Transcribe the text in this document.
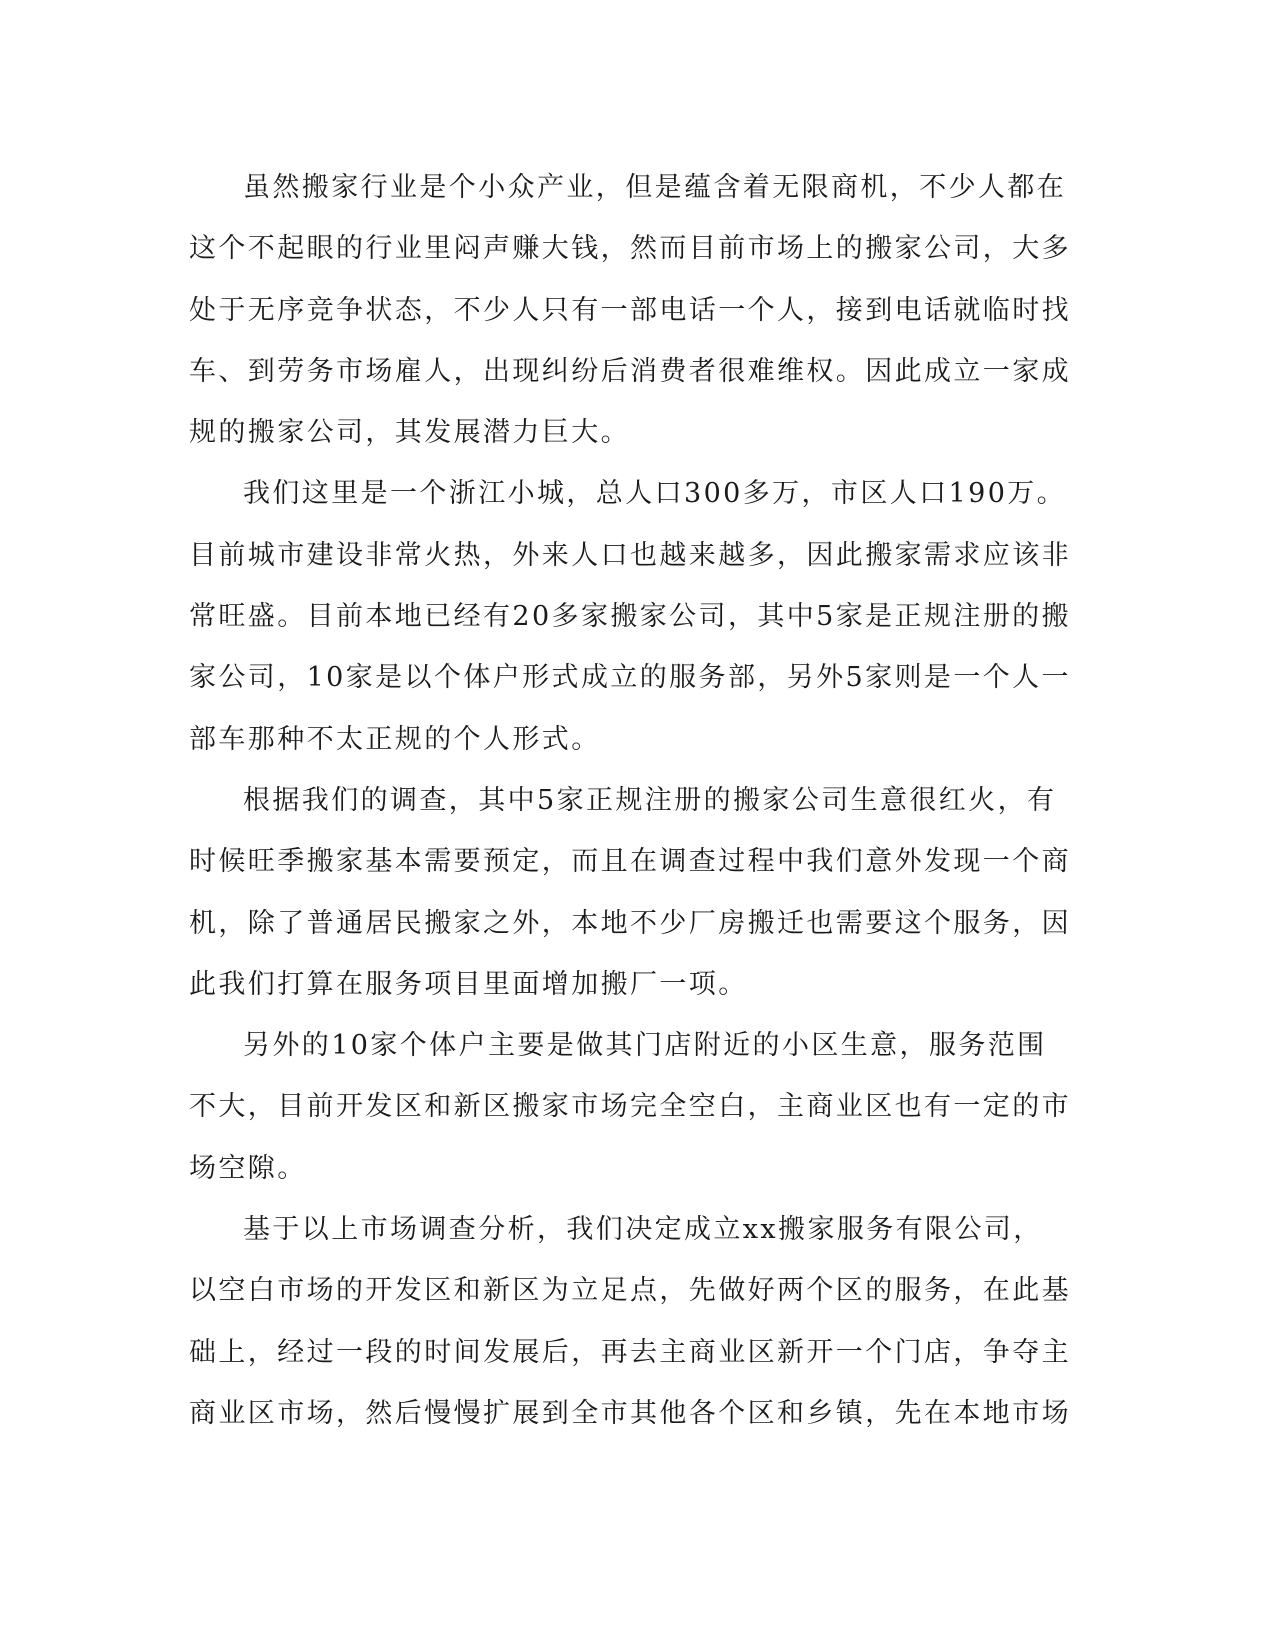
虽然搬家行业是个小众产业，但是蕴含着无限商机，不少人都在
这个不起眼的行业里闷声赚大钱，然而目前市场上的搬家公司，大多
处于无序竞争状态，不少人只有一部电话一个人，接到电话就临时找
车、到劳务市场雇人，出现纠纷后消费者很难维权。因此成立一家成
规的搬家公司，其发展潜力巨大。

我们这里是一个浙江小城，总人口300多万，市区人口190万。
目前城市建设非常火热，外来人口也越来越多，因此搬家需求应该非
常旺盛。目前本地已经有20多家搬家公司，其中5家是正规注册的搬
家公司，10家是以个体户形式成立的服务部，另外5家则是一个人一
部车那种不太正规的个人形式。

根据我们的调查，其中5家正规注册的搬家公司生意很红火，有
时候旺季搬家基本需要预定，而且在调查过程中我们意外发现一个商
机，除了普通居民搬家之外，本地不少厂房搬迁也需要这个服务，因
此我们打算在服务项目里面增加搬厂一项。

另外的10家个体户主要是做其门店附近的小区生意，服务范围
不大，目前开发区和新区搬家市场完全空白，主商业区也有一定的市
场空隙。

基于以上市场调查分析，我们决定成立xx搬家服务有限公司，
以空白市场的开发区和新区为立足点，先做好两个区的服务，在此基
础上，经过一段的时间发展后，再去主商业区新开一个门店，争夺主
商业区市场，然后慢慢扩展到全市其他各个区和乡镇，先在本地市场
